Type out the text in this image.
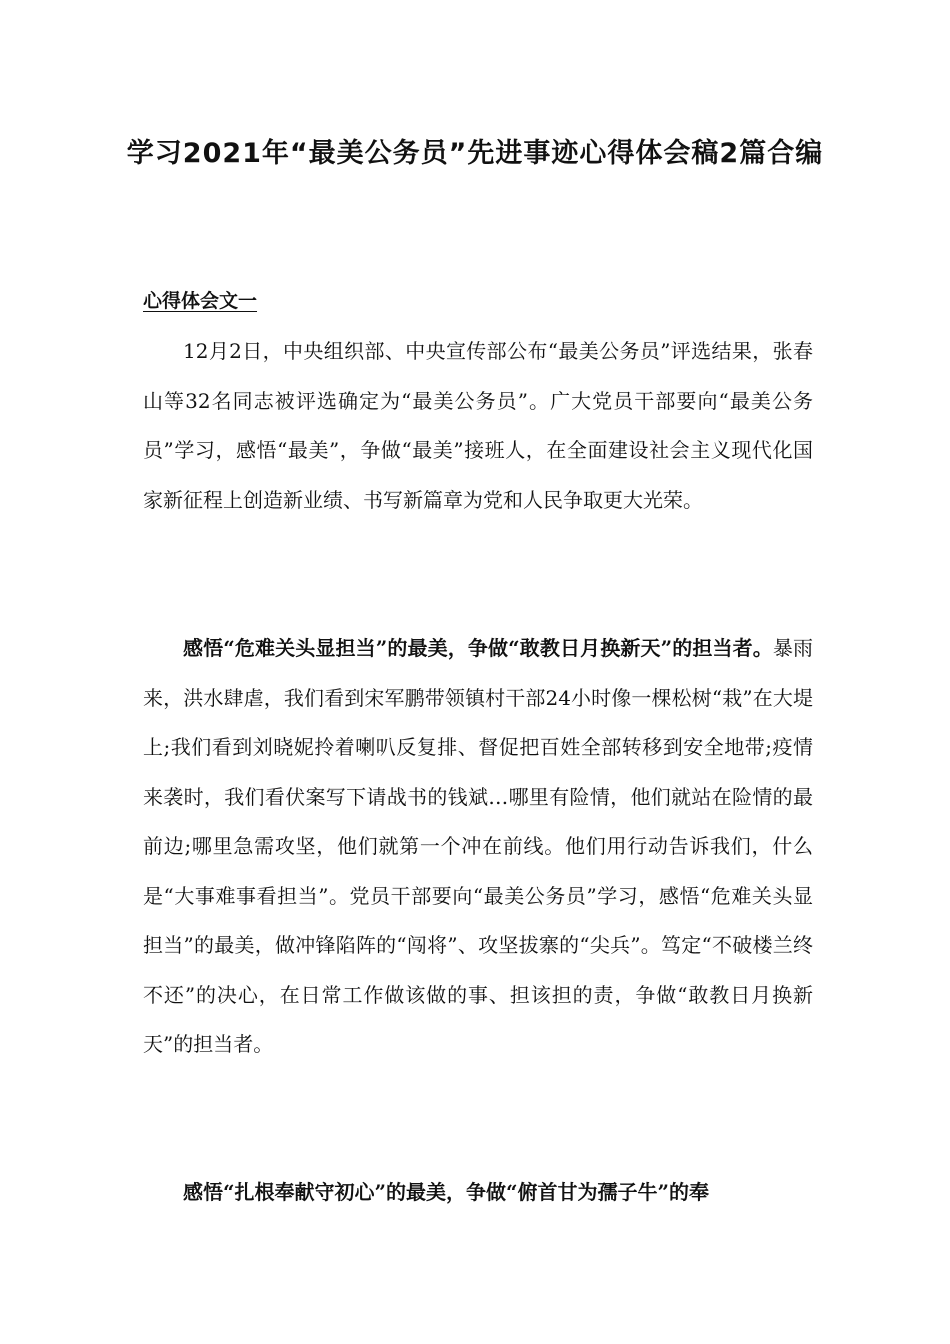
学习2021年“最美公务员”先进事迹心得体会稿2篇合编
心得体会文一
12月2日，中央组织部、中央宣传部公布“最美公务员”评选结果，张春山等32名同志被评选确定为“最美公务员”。广大党员干部要向“最美公务员”学习，感悟“最美”，争做“最美”接班人，在全面建设社会主义现代化国家新征程上创造新业绩、书写新篇章为党和人民争取更大光荣。
感悟“危难关头显担当”的最美，争做“敢教日月换新天”的担当者。暴雨来，洪水肆虐，我们看到宋军鹏带领镇村干部24小时像一棵松树“栽”在大堤上;我们看到刘晓妮拎着喇叭反复排、督促把百姓全部转移到安全地带;疫情来袭时，我们看伏案写下请战书的钱斌…哪里有险情，他们就站在险情的最前边;哪里急需攻坚，他们就第一个冲在前线。他们用行动告诉我们，什么是“大事难事看担当”。党员干部要向“最美公务员”学习，感悟“危难关头显担当”的最美，做冲锋陷阵的“闯将”、攻坚拔寨的“尖兵”。笃定“不破楼兰终不还”的决心，在日常工作做该做的事、担该担的责，争做“敢教日月换新天”的担当者。
感悟“扎根奉献守初心”的最美，争做“俯首甘为孺子牛”的奉
